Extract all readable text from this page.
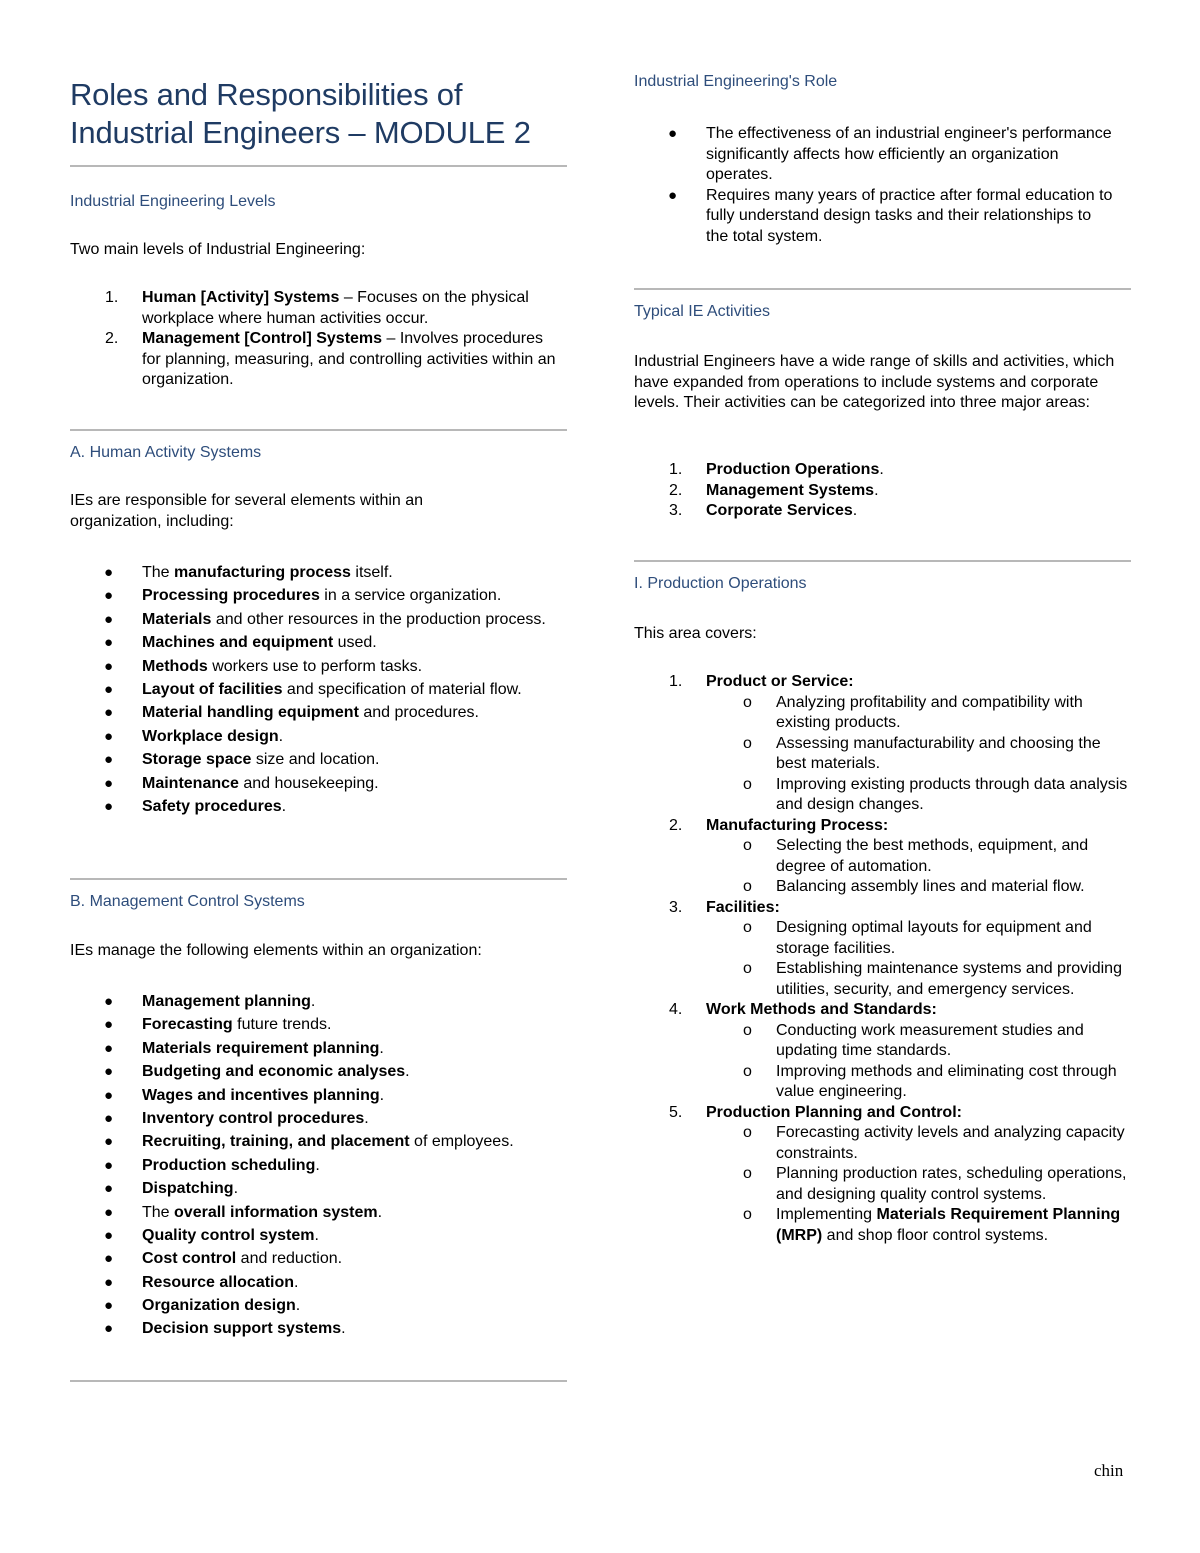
Roles and Responsibilities of
Industrial Engineers – MODULE 2
Industrial Engineering Levels

Two main levels of Industrial Engineering:

1. Human [Activity] Systems – Focuses on the physical workplace where human activities occur.
2. Management [Control] Systems – Involves procedures for planning, measuring, and controlling activities within an organization.
A. Human Activity Systems

IEs are responsible for several elements within an organization, including:

●
The manufacturing process itself.
●
Processing procedures in a service organization.
●
Materials and other resources in the production process.
●
Machines and equipment used.
●
Methods workers use to perform tasks.
●
Layout of facilities and specification of material flow.
●
Material handling equipment and procedures.
●
Workplace design.
●
Storage space size and location.
●
Maintenance and housekeeping.
●
Safety procedures.
B. Management Control Systems

IEs manage the following elements within an organization:

●
Management planning.
●
Forecasting future trends.
●
Materials requirement planning.
●
Budgeting and economic analyses.
●
Wages and incentives planning.
●
Inventory control procedures.
●
Recruiting, training, and placement of employees.
●
Production scheduling.
●
Dispatching.
●
The overall information system.
●
Quality control system.
●
Cost control and reduction.
●
Resource allocation.
●
Organization design.
●
Decision support systems.
Industrial Engineering's Role
●
The effectiveness of an industrial engineer's performance significantly affects how efficiently an organization operates.
●
Requires many years of practice after formal education to fully understand design tasks and their relationships to the total system.
Typical IE Activities

Industrial Engineers have a wide range of skills and activities, which have expanded from operations to include systems and corporate levels. Their activities can be categorized into three major areas:

1. Production Operations.
2. Management Systems.
3. Corporate Services.
I. Production Operations

This area covers:

1. Product or Service:
o Analyzing profitability and compatibility with existing products.
o Assessing manufacturability and choosing the best materials.
o Improving existing products through data analysis and design changes.
2. Manufacturing Process:
o Selecting the best methods, equipment, and degree of automation.
o Balancing assembly lines and material flow.
3. Facilities:
o Designing optimal layouts for equipment and storage facilities.
o Establishing maintenance systems and providing utilities, security, and emergency services.
4. Work Methods and Standards:
o Conducting work measurement studies and updating time standards.
o Improving methods and eliminating cost through value engineering.
5. Production Planning and Control:
o Forecasting activity levels and analyzing capacity constraints.
o Planning production rates, scheduling operations, and designing quality control systems.
o Implementing Materials Requirement Planning (MRP) and shop floor control systems.
chin
